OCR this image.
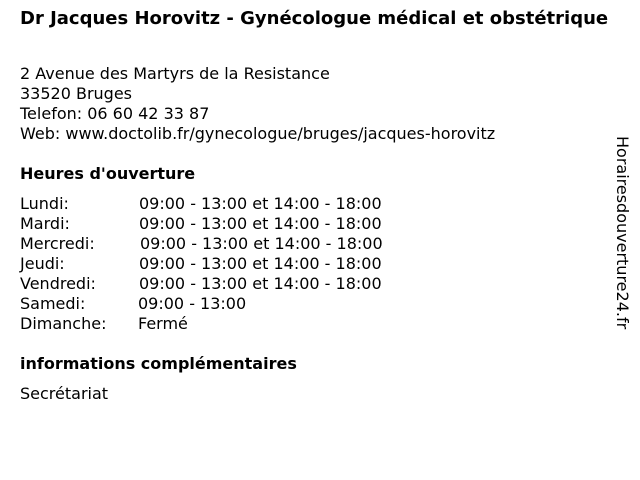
Dr Jacques Horovitz - Gynécologue médical et obstétrique
2 Avenue des Martyrs de la Resistance
33520 Bruges
Telefon: 06 60 42 33 87
Web: www.doctolib.fr/gynecologue/bruges/jacques-horovitz
Heures d'ouverture
Lundi:	09:00 - 13:00 et 14:00 - 18:00
Mardi:	09:00 - 13:00 et 14:00 - 18:00
Mercredi:	09:00 - 13:00 et 14:00 - 18:00
Jeudi:	09:00 - 13:00 et 14:00 - 18:00
Vendredi:	09:00 - 13:00 et 14:00 - 18:00
Samedi:	09:00 - 13:00
Dimanche: Fermé
informations complémentaires
Secrétariat
Horairesdouverture24.fr
